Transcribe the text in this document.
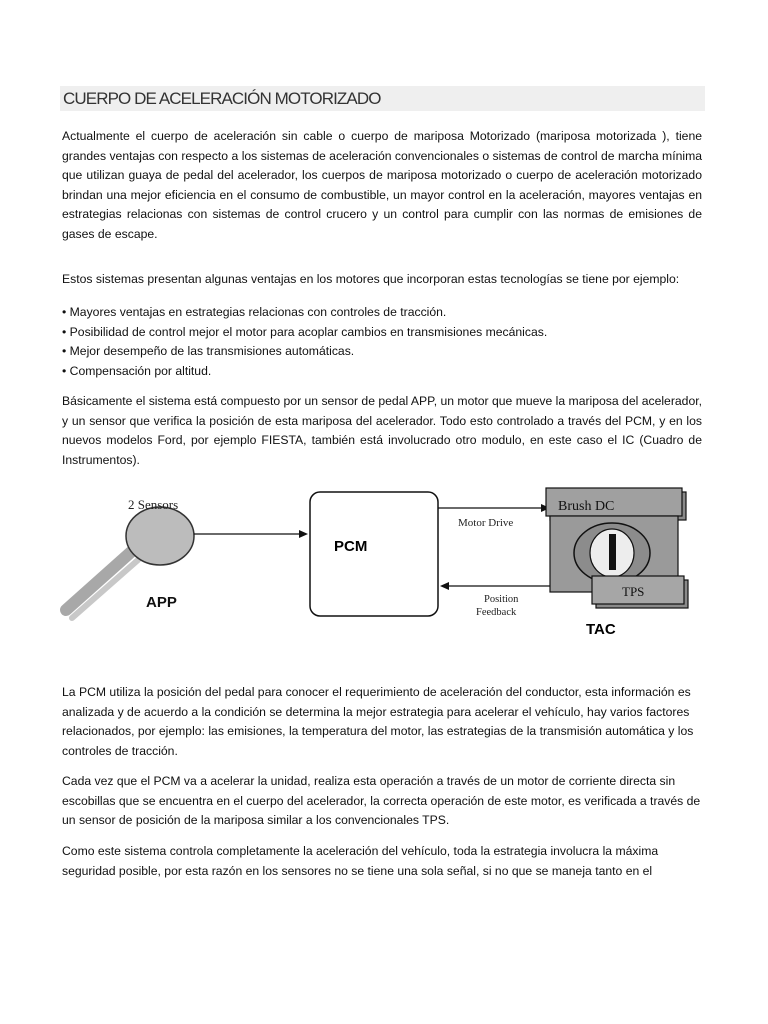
CUERPO DE ACELERACIÓN MOTORIZADO

Actualmente el cuerpo de aceleración sin cable o cuerpo de mariposa Motorizado (mariposa motorizada ), tiene grandes ventajas con respecto a los sistemas de aceleración convencionales o sistemas de control de marcha mínima que utilizan guaya de pedal del acelerador, los cuerpos de mariposa motorizado o cuerpo de aceleración motorizado brindan una mejor eficiencia en el consumo de combustible, un mayor control en la aceleración, mayores ventajas en estrategias relacionas con sistemas de control crucero y un control para cumplir con las normas de emisiones de gases de escape.

Estos sistemas presentan algunas ventajas en los motores que incorporan estas tecnologías se tiene por ejemplo:

• Mayores ventajas en estrategias relacionas con controles de tracción.
• Posibilidad de control mejor el motor para acoplar cambios en transmisiones mecánicas.
• Mejor desempeño de las transmisiones automáticas.
• Compensación por altitud.

Básicamente el sistema está compuesto por un sensor de pedal APP, un motor que mueve la mariposa del acelerador, y un sensor que verifica la posición de esta mariposa del acelerador. Todo esto controlado a través del PCM, y en los nuevos modelos Ford, por ejemplo FIESTA, también está involucrado otro modulo, en este caso el IC (Cuadro de Instrumentos).

2 Sensors
APP
PCM
Motor Drive
Position
Feedback
Brush DC
TPS
TAC

La PCM utiliza la posición del pedal para conocer el requerimiento de aceleración del conductor, esta información es analizada y de acuerdo a la condición se determina la mejor estrategia para acelerar el vehículo, hay varios factores relacionados, por ejemplo: las emisiones, la temperatura del motor, las estrategias de la transmisión automática y los controles de tracción.

Cada vez que el PCM va a acelerar la unidad, realiza esta operación a través de un motor de corriente directa sin escobillas que se encuentra en el cuerpo del acelerador, la correcta operación de este motor, es verificada a través de un sensor de posición de la mariposa similar a los convencionales TPS.

Como este sistema controla completamente la aceleración del vehículo, toda la estrategia involucra la máxima seguridad posible, por esta razón en los sensores no se tiene una sola señal, si no que se maneja tanto en el
